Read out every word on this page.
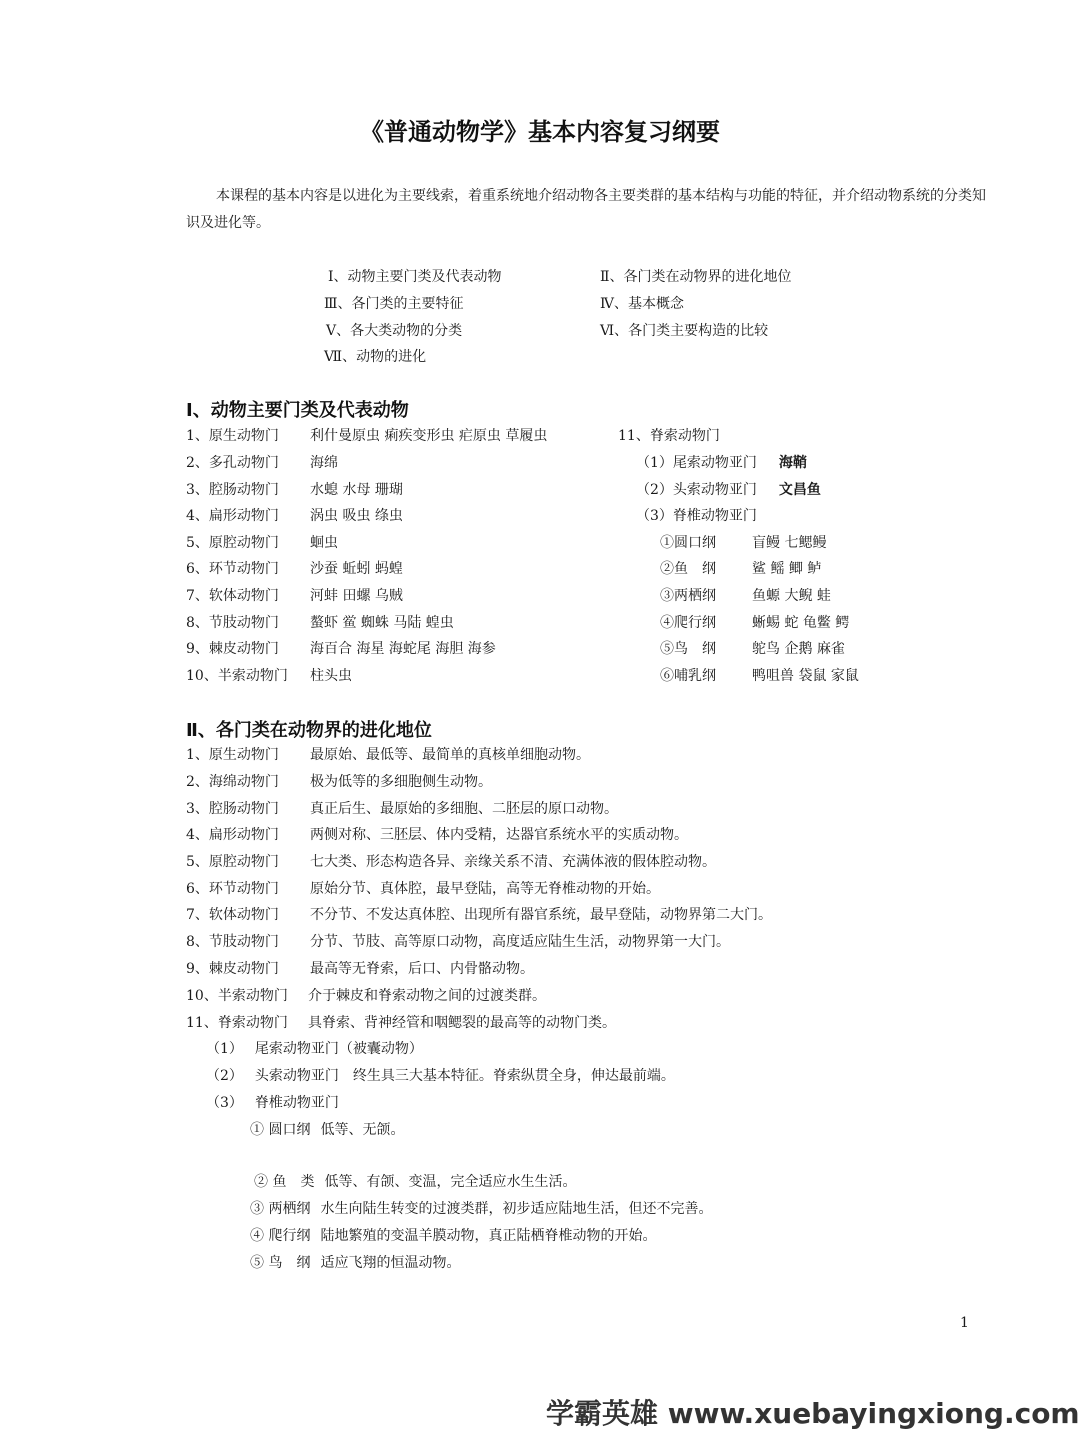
《普通动物学》基本内容复习纲要
本课程的基本内容是以进化为主要线索，着重系统地介绍动物各主要类群的基本结构与功能的特征，并介绍动物系统的分类知识及进化等。
Ⅰ、动物主要门类及代表动物	Ⅱ、各门类在动物界的进化地位
Ⅲ、各门类的主要特征	Ⅳ、基本概念
Ⅴ、各大类动物的分类	Ⅵ、各门类主要构造的比较
Ⅶ、动物的进化
Ⅰ、动物主要门类及代表动物
1、原生动物门 利什曼原虫 痢疾变形虫 疟原虫 草履虫
2、多孔动物门 海绵
3、腔肠动物门 水螅 水母 珊瑚
4、扁形动物门 涡虫 吸虫 绦虫
5、原腔动物门 蛔虫
6、环节动物门 沙蚕 蚯蚓 蚂蝗
7、软体动物门 河蚌 田螺 乌贼
8、节肢动物门 螯虾 鲎 蜘蛛 马陆 蝗虫
9、棘皮动物门 海百合 海星 海蛇尾 海胆 海参
10、半索动物门 柱头虫
11、脊索动物门
（1）尾索动物亚门 海鞘
（2）头索动物亚门 文昌鱼
（3）脊椎动物亚门
①圆口纲	盲鳗 七鳃鳗
②鱼　纲	鲨 鳐 鲫 鲈
③两栖纲	鱼螈 大鲵 蛙
④爬行纲	蜥蜴 蛇 龟鳖 鳄
⑤鸟　纲	鸵鸟 企鹅 麻雀
⑥哺乳纲	鸭咀兽 袋鼠 家鼠
Ⅱ、各门类在动物界的进化地位
1、原生动物门 最原始、最低等、最简单的真核单细胞动物。
2、海绵动物门 极为低等的多细胞侧生动物。
3、腔肠动物门 真正后生、最原始的多细胞、二胚层的原口动物。
4、扁形动物门 两侧对称、三胚层、体内受精，达器官系统水平的实质动物。
5、原腔动物门 七大类、形态构造各异、亲缘关系不清、充满体液的假体腔动物。
6、环节动物门 原始分节、真体腔，最早登陆，高等无脊椎动物的开始。
7、软体动物门 不分节、不发达真体腔、出现所有器官系统，最早登陆，动物界第二大门。
8、节肢动物门 分节、节肢、高等原口动物，高度适应陆生生活，动物界第一大门。
9、棘皮动物门 最高等无脊索，后口、内骨骼动物。
10、半索动物门 介于棘皮和脊索动物之间的过渡类群。
11、脊索动物门 具脊索、背神经管和咽鳃裂的最高等的动物门类。
（1） 尾索动物亚门（被囊动物）
（2） 头索动物亚门　终生具三大基本特征。脊索纵贯全身，伸达最前端。
（3） 脊椎动物亚门
① 圆口纲 低等、无颌。
② 鱼　类 低等、有颌、变温，完全适应水生生活。
③ 两栖纲 水生向陆生转变的过渡类群，初步适应陆地生活，但还不完善。
④ 爬行纲 陆地繁殖的变温羊膜动物，真正陆栖脊椎动物的开始。
⑤ 鸟　纲 适应飞翔的恒温动物。
1
学霸英雄 www.xuebayingxiong.com
